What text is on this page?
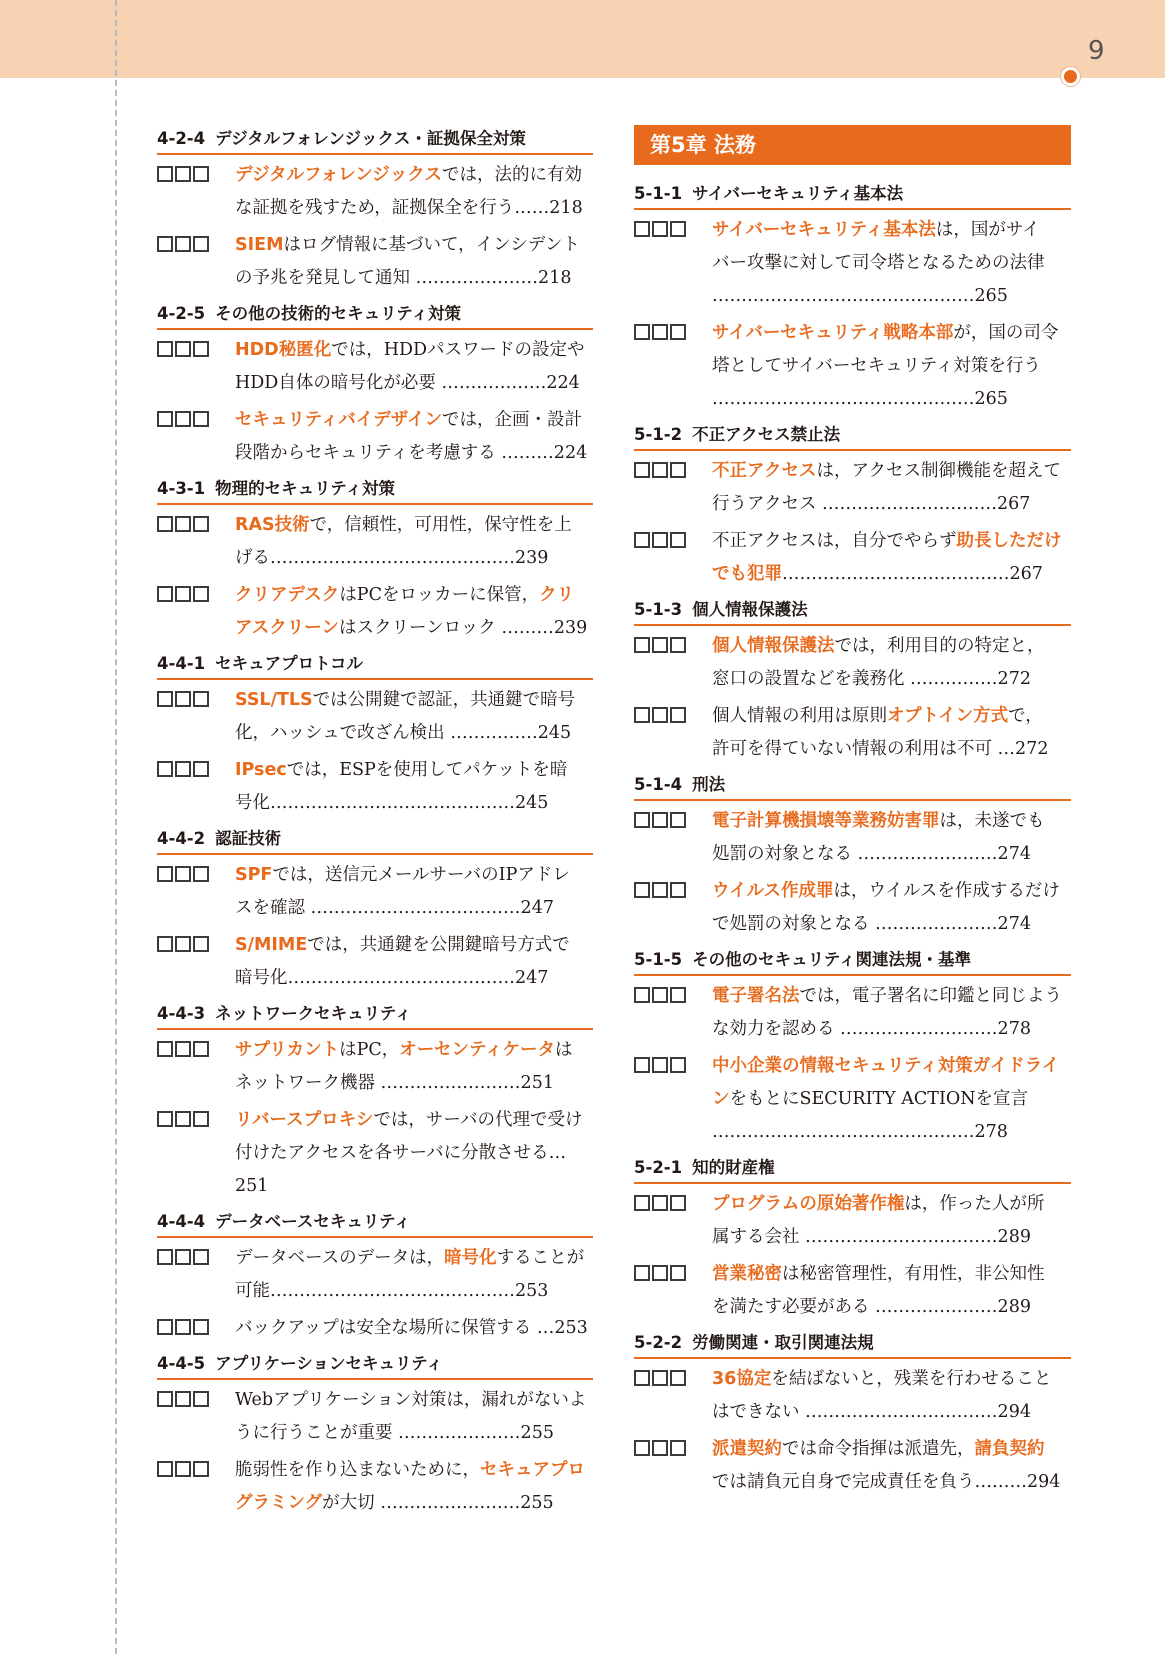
9
4-2-4 デジタルフォレンジックス・証拠保全対策
デジタルフォレンジックスでは，法的に有効
な証拠を残すため，証拠保全を行う……218
SIEMはログ情報に基づいて，インシデント
の予兆を発見して通知 …………………218
4-2-5 その他の技術的セキュリティ対策
HDD秘匿化では，HDDパスワードの設定や
HDD自体の暗号化が必要 ………………224
セキュリティバイデザインでは，企画・設計
段階からセキュリティを考慮する ………224
4-3-1 物理的セキュリティ対策
RAS技術で，信頼性，可用性，保守性を上
げる……………………………………239
クリアデスクはPCをロッカーに保管，クリ
アスクリーンはスクリーンロック ………239
4-4-1 セキュアプロトコル
SSL/TLSでは公開鍵で認証，共通鍵で暗号
化，ハッシュで改ざん検出 ……………245
IPsecでは，ESPを使用してパケットを暗
号化……………………………………245
4-4-2 認証技術
SPFでは，送信元メールサーバのIPアドレ
スを確認 ………………………………247
S/MIMEでは，共通鍵を公開鍵暗号方式で
暗号化…………………………………247
4-4-3 ネットワークセキュリティ
サプリカントはPC，オーセンティケータは
ネットワーク機器 ……………………251
リバースプロキシでは，サーバの代理で受け
付けたアクセスを各サーバに分散させる…251
4-4-4 データベースセキュリティ
データベースのデータは，暗号化することが
可能……………………………………253
バックアップは安全な場所に保管する …253
4-4-5 アプリケーションセキュリティ
Webアプリケーション対策は，漏れがないよ
うに行うことが重要 …………………255
脆弱性を作り込まないために，セキュアプロ
グラミングが大切 ……………………255
第5章 法務
5-1-1 サイバーセキュリティ基本法
サイバーセキュリティ基本法は，国がサイ
バー攻撃に対して司令塔となるための法律
………………………………………265
サイバーセキュリティ戦略本部が，国の司令
塔としてサイバーセキュリティ対策を行う
………………………………………265
5-1-2 不正アクセス禁止法
不正アクセスは，アクセス制御機能を超えて
行うアクセス …………………………267
不正アクセスは，自分でやらず助長しただけ
でも犯罪…………………………………267
5-1-3 個人情報保護法
個人情報保護法では，利用目的の特定と，
窓口の設置などを義務化 ……………272
個人情報の利用は原則オプトイン方式で，
許可を得ていない情報の利用は不可 …272
5-1-4 刑法
電子計算機損壊等業務妨害罪は，未遂でも
処罰の対象となる ……………………274
ウイルス作成罪は，ウイルスを作成するだけ
で処罰の対象となる …………………274
5-1-5 その他のセキュリティ関連法規・基準
電子署名法では，電子署名に印鑑と同じよう
な効力を認める ………………………278
中小企業の情報セキュリティ対策ガイドライ
ンをもとにSECURITY ACTIONを宣言
………………………………………278
5-2-1 知的財産権
プログラムの原始著作権は，作った人が所
属する会社 ……………………………289
営業秘密は秘密管理性，有用性，非公知性
を満たす必要がある …………………289
5-2-2 労働関連・取引関連法規
36協定を結ばないと，残業を行わせること
はできない ……………………………294
派遣契約では命令指揮は派遣先，請負契約
では請負元自身で完成責任を負う………294
